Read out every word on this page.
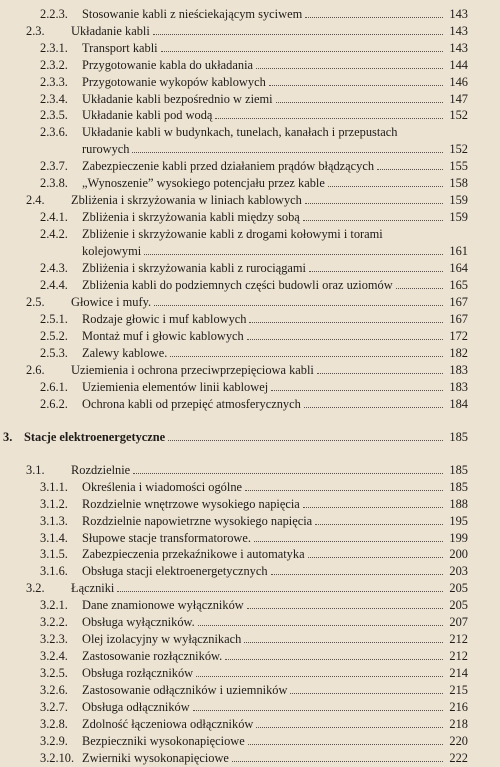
2.2.3.	Stosowanie kabli z nieściekającym syciwem	143
2.3.	Układanie kabli	143
2.3.1.	Transport kabli	143
2.3.2.	Przygotowanie kabla do układania	144
2.3.3.	Przygotowanie wykopów kablowych	146
2.3.4.	Układanie kabli bezpośrednio w ziemi	147
2.3.5.	Układanie kabli pod wodą	152
2.3.6.	Układanie kabli w budynkach, tunelach, kanałach i przepustach
rurowych	152
2.3.7.	Zabezpieczenie kabli przed działaniem prądów błądzących	155
2.3.8.	„Wynoszenie” wysokiego potencjału przez kable	158
2.4.	Zbliżenia i skrzyżowania w liniach kablowych	159
2.4.1.	Zbliżenia i skrzyżowania kabli między sobą	159
2.4.2.	Zbliżenie i skrzyżowanie kabli z drogami kołowymi i torami
kolejowymi	161
2.4.3.	Zbliżenia i skrzyżowania kabli z rurociągami	164
2.4.4.	Zbliżenia kabli do podziemnych części budowli oraz uziomów	165
2.5.	Głowice i mufy.	167
2.5.1.	Rodzaje głowic i muf kablowych	167
2.5.2.	Montaż muf i głowic kablowych	172
2.5.3.	Zalewy kablowe.	182
2.6.	Uziemienia i ochrona przeciwprzepięciowa kabli	183
2.6.1.	Uziemienia elementów linii kablowej	183
2.6.2.	Ochrona kabli od przepięć atmosferycznych	184
3. Stacje elektroenergetyczne	185
3.1.	Rozdzielnie	185
3.1.1.	Określenia i wiadomości ogólne	185
3.1.2.	Rozdzielnie wnętrzowe wysokiego napięcia	188
3.1.3.	Rozdzielnie napowietrzne wysokiego napięcia	195
3.1.4.	Słupowe stacje transformatorowe.	199
3.1.5.	Zabezpieczenia przekaźnikowe i automatyka	200
3.1.6.	Obsługa stacji elektroenergetycznych	203
3.2.	Łączniki	205
3.2.1.	Dane znamionowe wyłączników	205
3.2.2.	Obsługa wyłączników.	207
3.2.3.	Olej izolacyjny w wyłącznikach	212
3.2.4.	Zastosowanie rozłączników.	212
3.2.5.	Obsługa rozłączników	214
3.2.6.	Zastosowanie odłączników i uziemników	215
3.2.7.	Obsługa odłączników	216
3.2.8.	Zdolność łączeniowa odłączników	218
3.2.9.	Bezpieczniki wysokonapięciowe	220
3.2.10. Zwierniki wysokonapięciowe	222
